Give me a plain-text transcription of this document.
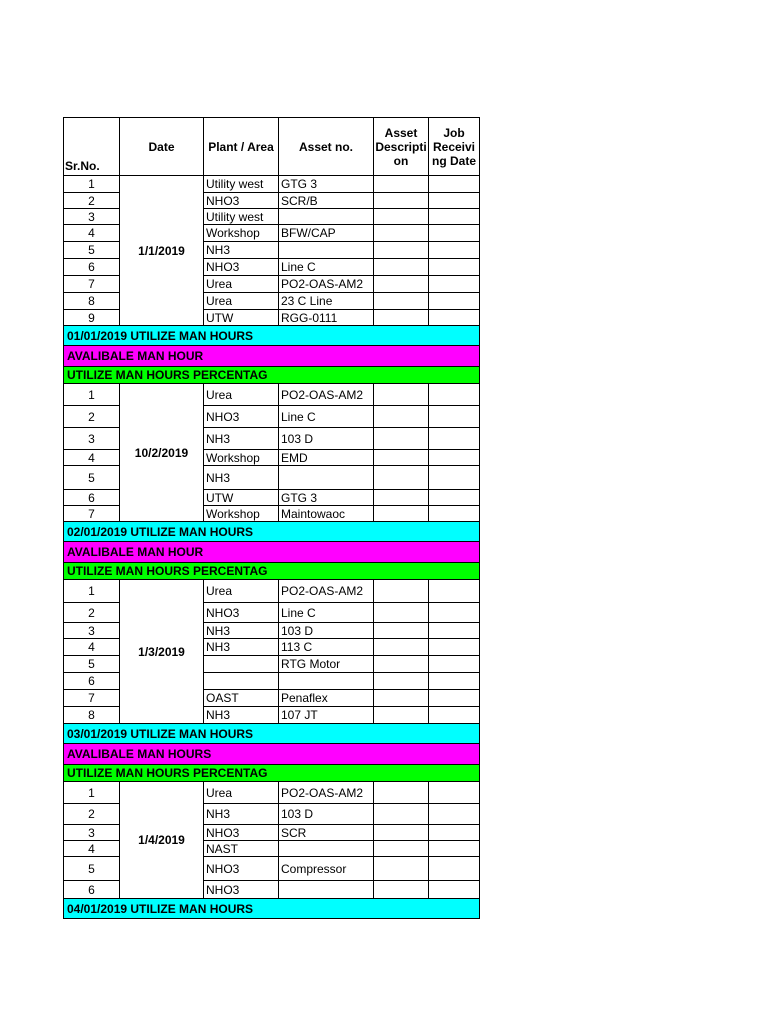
Sr.No.	Date	Plant / Area	Asset no.	Asset Descripti on	Job Receivi ng Date
1	1/1/2019	Utility west	GTG 3		
2		NHO3	SCR/B		
3		Utility west			
4		Workshop	BFW/CAP		
5		NH3			
6		NHO3	Line C		
7		Urea	PO2-OAS-AM2		
8		Urea	23 C Line		
9		UTW	RGG-0111		
01/01/2019 UTILIZE MAN HOURS					
AVALIBALE MAN HOUR					
UTILIZE MAN HOURS PERCENTAG					
1	10/2/2019	Urea	PO2-OAS-AM2		
2		NHO3	Line C		
3		NH3	103 D		
4		Workshop	EMD		
5		NH3			
6		UTW	GTG 3		
7		Workshop	Maintowaoc		
02/01/2019 UTILIZE MAN HOURS					
AVALIBALE MAN HOUR					
UTILIZE MAN HOURS PERCENTAG					
1	1/3/2019	Urea	PO2-OAS-AM2		
2		NHO3	Line C		
3		NH3	103 D		
4		NH3	113 C		
5			RTG Motor		
6					
7		OAST	Penaflex		
8		NH3	107 JT		
03/01/2019 UTILIZE MAN HOURS					
AVALIBALE MAN HOURS					
UTILIZE MAN HOURS PERCENTAG					
1	1/4/2019	Urea	PO2-OAS-AM2		
2		NH3	103 D		
3		NHO3	SCR		
4		NAST			
5		NHO3	Compressor		
6		NHO3			
04/01/2019 UTILIZE MAN HOURS					
